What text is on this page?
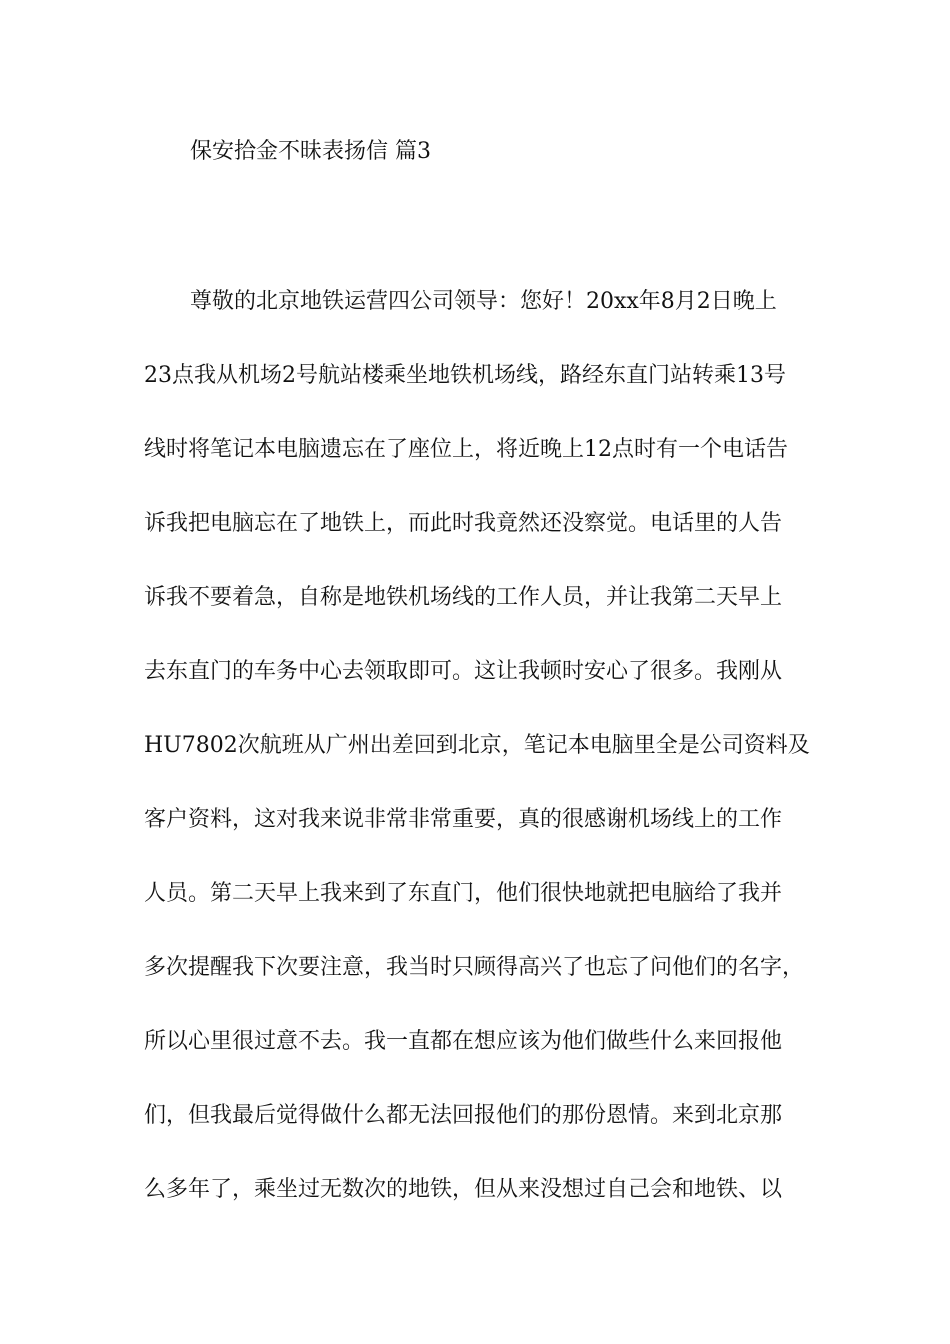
保安拾金不昧表扬信 篇3

尊敬的北京地铁运营四公司领导：您好！20xx年8月2日晚上

23点我从机场2号航站楼乘坐地铁机场线，路经东直门站转乘13号

线时将笔记本电脑遗忘在了座位上，将近晚上12点时有一个电话告

诉我把电脑忘在了地铁上，而此时我竟然还没察觉。电话里的人告

诉我不要着急，自称是地铁机场线的工作人员，并让我第二天早上

去东直门的车务中心去领取即可。这让我顿时安心了很多。我刚从

HU7802次航班从广州出差回到北京，笔记本电脑里全是公司资料及

客户资料，这对我来说非常非常重要，真的很感谢机场线上的工作

人员。第二天早上我来到了东直门，他们很快地就把电脑给了我并

多次提醒我下次要注意，我当时只顾得高兴了也忘了问他们的名字，

所以心里很过意不去。我一直都在想应该为他们做些什么来回报他

们，但我最后觉得做什么都无法回报他们的那份恩情。来到北京那

么多年了，乘坐过无数次的地铁，但从来没想过自己会和地铁、以
